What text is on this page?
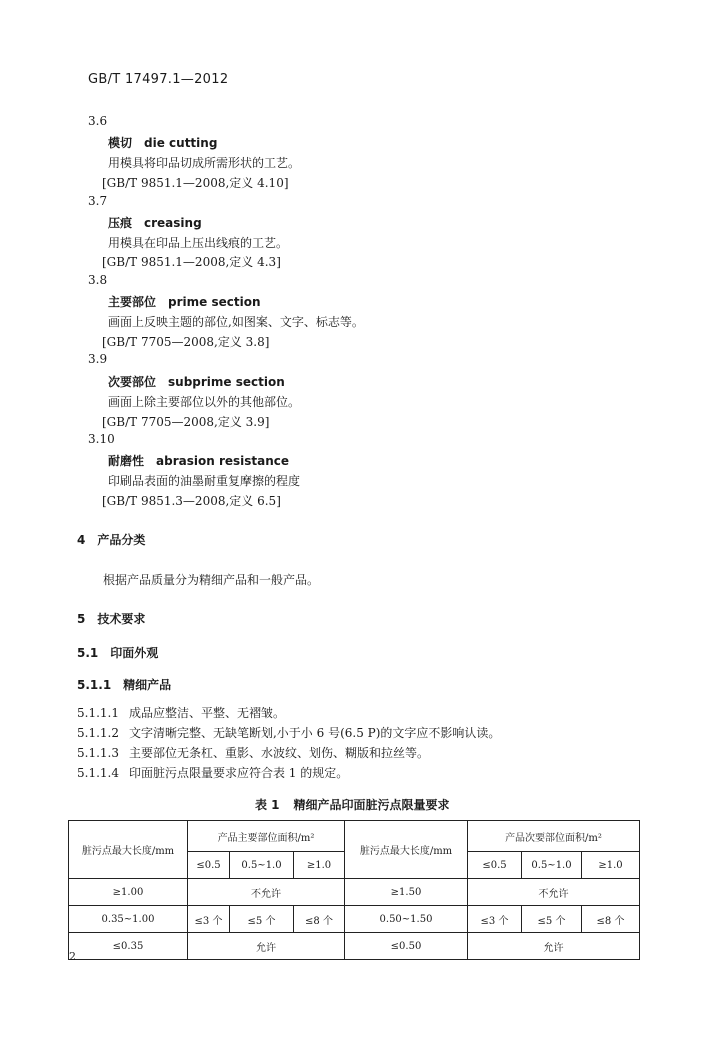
GB/T 17497.1—2012
3.6
模切 die cutting
用模具将印品切成所需形状的工艺。
[GB/T 9851.1—2008,定义 4.10]
3.7
压痕 creasing
用模具在印品上压出线痕的工艺。
[GB/T 9851.1—2008,定义 4.3]
3.8
主要部位 prime section
画面上反映主题的部位,如图案、文字、标志等。
[GB/T 7705—2008,定义 3.8]
3.9
次要部位 subprime section
画面上除主要部位以外的其他部位。
[GB/T 7705—2008,定义 3.9]
3.10
耐磨性 abrasion resistance
印刷品表面的油墨耐重复摩擦的程度
[GB/T 9851.3—2008,定义 6.5]
4 产品分类
根据产品质量分为精细产品和一般产品。
5 技术要求
5.1 印面外观
5.1.1 精细产品
5.1.1.1 成品应整洁、平整、无褶皱。
5.1.1.2 文字清晰完整、无缺笔断划,小于小 6 号(6.5 P)的文字应不影响认读。
5.1.1.3 主要部位无条杠、重影、水波纹、划伤、糊版和拉丝等。
5.1.1.4 印面脏污点限量要求应符合表 1 的规定。
表 1 精细产品印面脏污点限量要求
脏污点最大长度/mm	产品主要部位面积/m²			脏污点最大长度/mm	产品次要部位面积/m²		
	≤0.5	0.5~1.0	≥1.0		≤0.5	0.5~1.0	≥1.0
≥1.00	不允许			≥1.50	不允许		
0.35~1.00	≤3 个	≤5 个	≤8 个	0.50~1.50	≤3 个	≤5 个	≤8 个
≤0.35	允许			≤0.50	允许		
2
